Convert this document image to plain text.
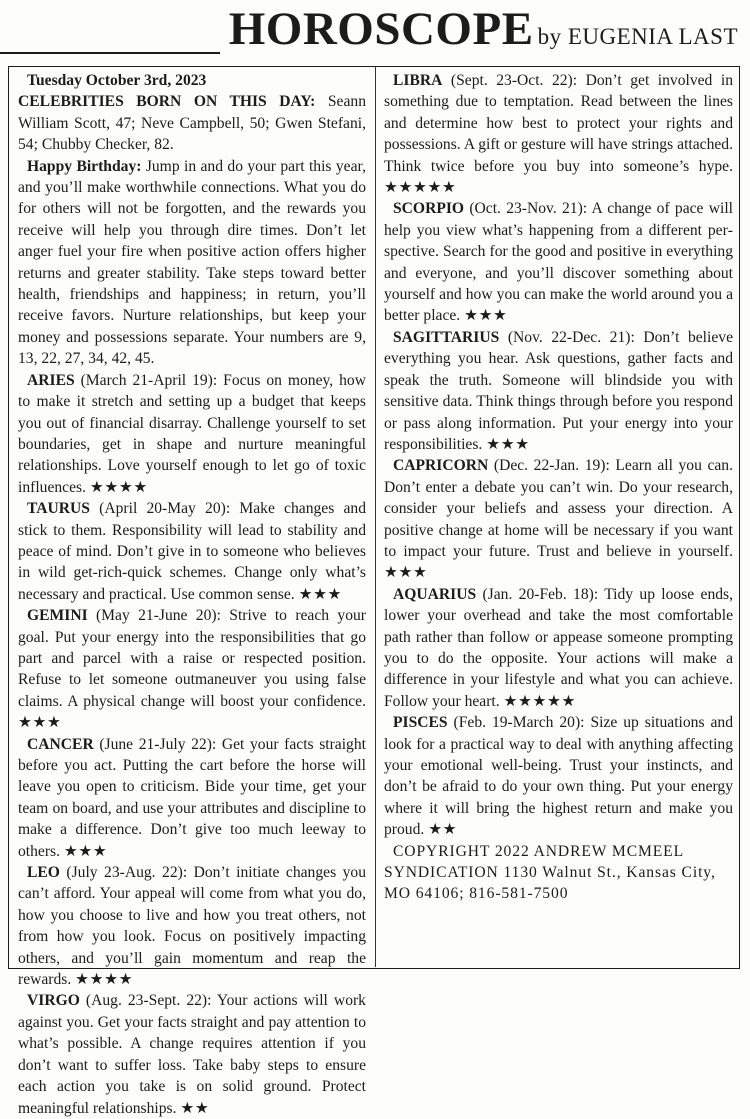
HOROSCOPE by EUGENIA LAST

Tuesday October 3rd, 2023

CELEBRITIES BORN ON THIS DAY: Seann William Scott, 47; Neve Campbell, 50; Gwen Stefani, 54; Chubby Checker, 82.

Happy Birthday: Jump in and do your part this year, and you’ll make worthwhile connections. What you do for others will not be forgotten, and the rewards you receive will help you through dire times. Don’t let anger fuel your fire when positive action offers higher returns and greater stability. Take steps toward better health, friendships and happiness; in return, you’ll receive favors. Nurture relationships, but keep your money and possessions separate. Your numbers are 9, 13, 22, 27, 34, 42, 45.

ARIES (March 21-April 19): Focus on money, how to make it stretch and setting up a budget that keeps you out of financial disarray. Challenge yourself to set boundaries, get in shape and nurture meaningful relationships. Love yourself enough to let go of toxic influences. ★★★★

TAURUS (April 20-May 20): Make changes and stick to them. Responsibility will lead to stability and peace of mind. Don’t give in to someone who believes in wild get-rich-quick schemes. Change only what’s necessary and practical. Use common sense. ★★★

GEMINI (May 21-June 20): Strive to reach your goal. Put your energy into the responsibilities that go part and parcel with a raise or respected position. Refuse to let someone outmaneuver you using false claims. A physical change will boost your confidence. ★★★

CANCER (June 21-July 22): Get your facts straight before you act. Putting the cart before the horse will leave you open to criticism. Bide your time, get your team on board, and use your attributes and discipline to make a difference. Don’t give too much leeway to others. ★★★

LEO (July 23-Aug. 22): Don’t initiate changes you can’t afford. Your appeal will come from what you do, how you choose to live and how you treat others, not from how you look. Focus on positively impacting others, and you’ll gain momentum and reap the rewards. ★★★★

VIRGO (Aug. 23-Sept. 22): Your actions will work against you. Get your facts straight and pay attention to what’s possible. A change requires attention if you don’t want to suffer loss. Take baby steps to ensure each action you take is on solid ground. Protect meaningful relationships. ★★

LIBRA (Sept. 23-Oct. 22): Don’t get involved in something due to temptation. Read between the lines and determine how best to protect your rights and possessions. A gift or gesture will have strings attached. Think twice before you buy into someone’s hype. ★★★★★

SCORPIO (Oct. 23-Nov. 21): A change of pace will help you view what’s happening from a different perspective. Search for the good and positive in everything and everyone, and you’ll discover something about yourself and how you can make the world around you a better place. ★★★

SAGITTARIUS (Nov. 22-Dec. 21): Don’t believe everything you hear. Ask questions, gather facts and speak the truth. Someone will blindside you with sensitive data. Think things through before you respond or pass along information. Put your energy into your responsibilities. ★★★

CAPRICORN (Dec. 22-Jan. 19): Learn all you can. Don’t enter a debate you can’t win. Do your research, consider your beliefs and assess your direction. A positive change at home will be necessary if you want to impact your future. Trust and believe in yourself. ★★★

AQUARIUS (Jan. 20-Feb. 18): Tidy up loose ends, lower your overhead and take the most comfortable path rather than follow or appease someone prompting you to do the opposite. Your actions will make a difference in your lifestyle and what you can achieve. Follow your heart. ★★★★★

PISCES (Feb. 19-March 20): Size up situations and look for a practical way to deal with anything affecting your emotional well-being. Trust your instincts, and don’t be afraid to do your own thing. Put your energy where it will bring the highest return and make you proud. ★★

COPYRIGHT 2022 ANDREW MCMEEL SYNDICATION 1130 Walnut St., Kansas City, MO 64106; 816-581-7500
